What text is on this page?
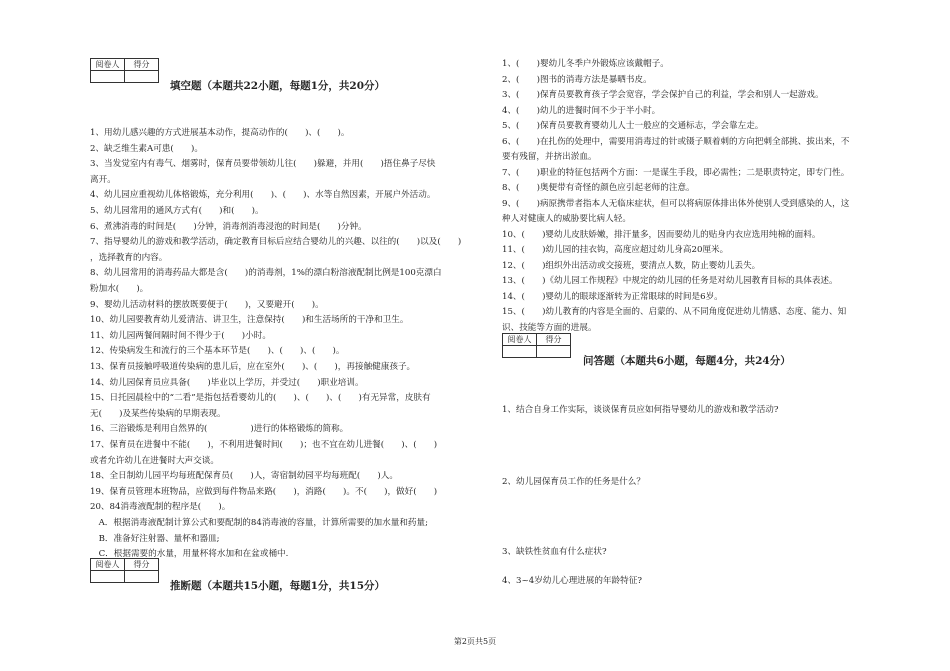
阅卷人	得分

填空题（本题共22小题，每题1分，共20分）
1、用幼儿感兴趣的方式进展基本动作，提高动作的(　　)、(　　)。
2、缺乏维生素A可患(　　)。
3、当发觉室内有毒气、烟雾时，保育员要带领幼儿往(　　)躲避，并用(　　)捂住鼻子尽快
离开。
4、幼儿园应重视幼儿体格锻炼，充分利用(　　)、(　　)、水等自然因素，开展户外活动。
5、幼儿园常用的通风方式有(　　)和(　　)。
6、煮沸消毒的时间是(　　)分钟，消毒剂消毒浸泡的时间是(　　)分钟。
7、指导婴幼儿的游戏和教学活动，确定教育目标后应结合婴幼儿的兴趣、以往的(　　)以及(　　)
，选择教育的内容。
8、幼儿园常用的消毒药品大都是含(　　)的消毒剂，1%的漂白粉溶液配制比例是100克漂白
粉加水(　　)。
9、婴幼儿活动材料的摆放既要便于(　　)，又要避开(　　)。
10、幼儿园要教育幼儿爱清洁、讲卫生，注意保持(　　)和生活场所的干净和卫生。
11、幼儿园两餐间隔时间不得少于(　　)小时。
12、传染病发生和流行的三个基本环节是(　　)、(　　)、(　　)。
13、保育员接触呼吸道传染病的患儿后，应在室外(　　)、(　　)，再接触健康孩子。
14、幼儿园保育员应具备(　　)毕业以上学历，并受过(　　)职业培训。
15、日托园晨检中的“二看”是指包括看婴幼儿的(　　)、(　　)、(　　)有无异常，皮肤有
无(　　)及某些传染病的早期表现。
16、三浴锻炼是利用自然界的(　　　　　)进行的体格锻炼的简称。
17、保育员在进餐中不能(　　)，不利用进餐时间(　　)；也不宜在幼儿进餐(　　)、(　　)
或者允许幼儿在进餐时大声交谈。
18、全日制幼儿园平均每班配保育员(　　)人，寄宿制幼园平均每班配(　　)人。
19、保育员管理本班物品，应做到每件物品来路(　　)，消路(　　)。不(　　)，做好(　　)
20、84消毒液配制的程序是(　　)。
　A．根据消毒液配制计算公式和要配制的84消毒液的容量，计算所需要的加水量和药量;
　B．准备好注射器、量杯和器皿;
　C．根据需要的水量，用量杯将水加和在盆或桶中.
阅卷人	得分

推断题（本题共15小题，每题1分，共15分）
1、(　　)婴幼儿冬季户外锻炼应该戴帽子。
2、(　　)图书的消毒方法是暴晒书皮。
3、(　　)保育员要教育孩子学会宽容，学会保护自己的利益，学会和别人一起游戏。
4、(　　)幼儿的进餐时间不少于半小时。
5、(　　)保育员要教育婴幼儿人士一般应的交通标志，学会靠左走。
6、(　　)在扎伤的处理中，需要用消毒过的针或镊子顺着刺的方向把刺全部挑、拔出来，不
要有残留，并挤出淤血。
7、(　　)职业的特征包括两个方面：一是谋生手段，即必需性；二是职责特定，即专门性。
8、(　　)奥便带有奇怪的颜色应引起老师的注意。
9、(　　)病原携带者指本人无临床症状，但可以将病原体排出体外使别人受到感染的人，这
种人对健康人的威胁要比病人轻。
10、(　　)婴幼儿皮肤娇嫩，排汗量多，因而要幼儿的贴身内衣应选用纯棉的面料。
11、(　　)幼儿园的挂衣钩，高度应超过幼儿身高20厘米。
12、(　　)组织外出活动或交接班，要清点人数，防止婴幼儿丢失。
13、(　　)《幼儿园工作规程》中规定的幼儿园的任务是对幼儿园教育目标的具体表述。
14、(　　)婴幼儿的眼球逐渐转为正常眼球的时间是6岁。
15、(　　)幼儿教育的内容是全面的、启蒙的、从不同角度促进幼儿情感、态度、能力、知
识、技能等方面的进展。
阅卷人	得分

问答题（本题共6小题，每题4分，共24分）
1、结合自身工作实际，谈谈保育员应如何指导婴幼儿的游戏和教学活动?
2、幼儿园保育员工作的任务是什么？
3、缺铁性贫血有什么症状?
4、3~4岁幼儿心理进展的年龄特征?
第2页共5页
